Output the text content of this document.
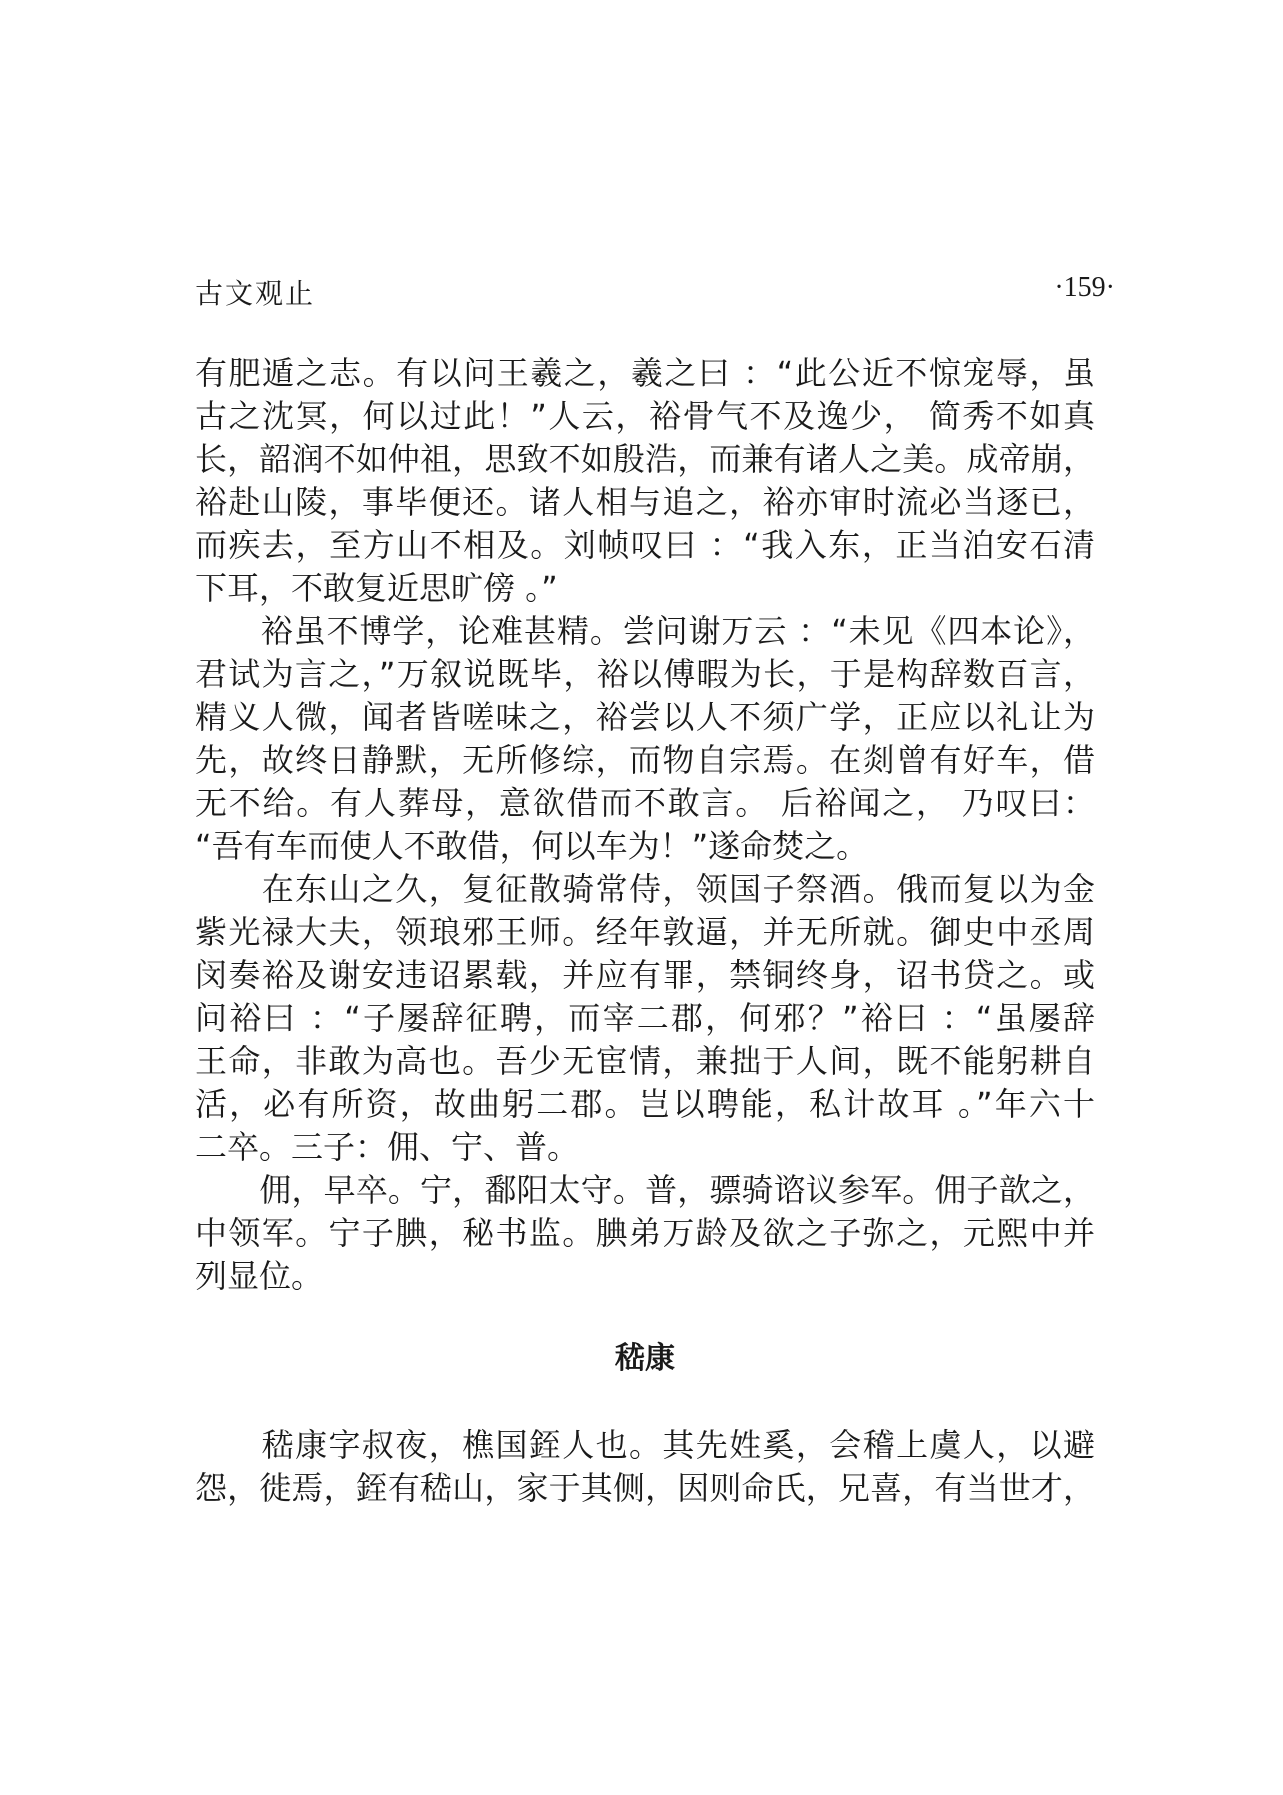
古文观止	·159·
有肥遁之志。有以问王羲之，羲之曰 ：“此公近不惊宠辱，虽
古之沈冥，何以过此！”人云，裕骨气不及逸少， 简秀不如真
长，韶润不如仲祖，思致不如殷浩，而兼有诸人之美。成帝崩，
裕赴山陵，事毕便还。诸人相与追之，裕亦审时流必当逐已，
而疾去，至方山不相及。刘帧叹曰 ：“我入东，正当泊安石清
下耳，不敢复近思旷傍 。”
　　裕虽不博学，论难甚精。尝问谢万云 ：“未见《四本论》，
君试为言之，”万叙说既毕，裕以傅暇为长，于是构辞数百言，
精义人微，闻者皆嗟味之，裕尝以人不须广学，正应以礼让为
先，故终日静默，无所修综，而物自宗焉。在剡曾有好车，借
无不给。有人葬母，意欲借而不敢言。 后裕闻之， 乃叹曰：
“吾有车而使人不敢借，何以车为！”遂命焚之。
　　在东山之久，复征散骑常侍，领国子祭酒。俄而复以为金
紫光禄大夫，领琅邪王师。经年敦逼，并无所就。御史中丞周
闵奏裕及谢安违诏累载，并应有罪，禁铜终身，诏书贷之。或
问裕曰 ：“子屡辞征聘，而宰二郡，何邪？”裕曰 ：“虽屡辞
王命，非敢为高也。吾少无宦情，兼拙于人间，既不能躬耕自
活，必有所资，故曲躬二郡。岂以聘能，私计故耳 。”年六十
二卒。三子：佣、宁、普。
　　佣，早卒。宁，鄱阳太守。普，骠骑谘议参军。佣子歆之，
中领军。宁子腆，秘书监。腆弟万龄及欲之子弥之，元熙中并
列显位。
嵇康
　　嵇康字叔夜，樵国銍人也。其先姓奚，会稽上虞人，以避
怨，徙焉，銍有嵇山，家于其侧，因则命氏，兄喜，有当世才，
